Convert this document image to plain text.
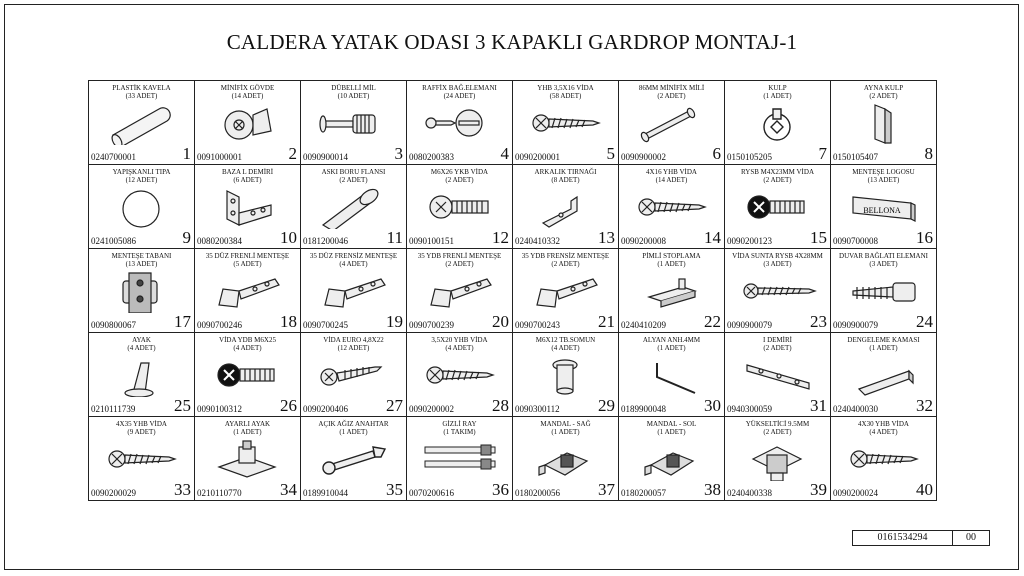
CALDERA YATAK ODASI 3 KAPAKLI GARDROP MONTAJ-1
PLASTİK KAVELA
(33 ADET)
0240700001	1
MİNİFİX GÖVDE
(14 ADET)
0091000001	2
DÜBELLİ MİL
(10 ADET)
0090900014	3
RAFFİX BAĞ.ELEMANI
(24 ADET)
0080200383	4
YHB 3,5X16 VİDA
(58 ADET)
0090200001	5
86MM MİNİFİX MİLİ
(2 ADET)
0090900002	6
KULP
(1 ADET)
0150105205	7
AYNA KULP
(2 ADET)
0150105407	8
YAPIŞKANLI TIPA
(12 ADET)
0241005086	9
BAZA L DEMİRİ
(6 ADET)
0080200384 10
ASKI BORU FLANSI
(2 ADET)
0181200046 11
M6X26 YKB VİDA
(2 ADET)
0090100151 12
ARKALIK TIRNAĞI
(8 ADET)
0240410332 13
4X16 YHB VİDA
(14 ADET)
0090200008 14
RYSB M4X23MM VİDA
(2 ADET)
0090200123 15
MENTEŞE LOGOSU
(13 ADET)
BELLONA
0090700008 16
MENTEŞE TABANI
(13 ADET)
0090800067 17
35 DÜZ FRENLİ MENTEŞE
(5 ADET)
0090700246 18
35 DÜZ FRENSİZ MENTEŞE
(4 ADET)
0090700245 19
35 YDB FRENLİ MENTEŞE
(2 ADET)
0090700239 20
35 YDB FRENSİZ MENTEŞE
(2 ADET)
0090700243 21
PİMLİ STOPLAMA
(1 ADET)
0240410209 22
VİDA SUNTA RYSB 4X28MM
(3 ADET)
0090900079 23
DUVAR BAĞLATI ELEMANI
(3 ADET)
0090900079 24
AYAK
(4 ADET)
0210111739 25
VİDA YDB M6X25
(4 ADET)
0090100312 26
VİDA EURO 4,8X22
(12 ADET)
0090200406 27
3,5X20 YHB VİDA
(4 ADET)
0090200002 28
M6X12 TB.SOMUN
(4 ADET)
0090300112 29
ALYAN ANH.4MM
(1 ADET)
0189900048 30
I DEMİRİ
(2 ADET)
0940300059 31
DENGELEME KAMASI
(1 ADET)
0240400030 32
4X35 YHB VİDA
(9 ADET)
0090200029 33
AYARLI AYAK
(1 ADET)
0210110770 34
AÇIK AĞIZ ANAHTAR
(1 ADET)
0189910044 35
GİZLİ RAY
(1 TAKIM)
0070200616 36
MANDAL - SAĞ
(1 ADET)
0180200056 37
MANDAL - SOL
(1 ADET)
0180200057 38
YÜKSELTİCİ 9.5MM
(2 ADET)
0240400338 39
4X30 YHB VİDA
(4 ADET)
0090200024 40
0161534294	00
